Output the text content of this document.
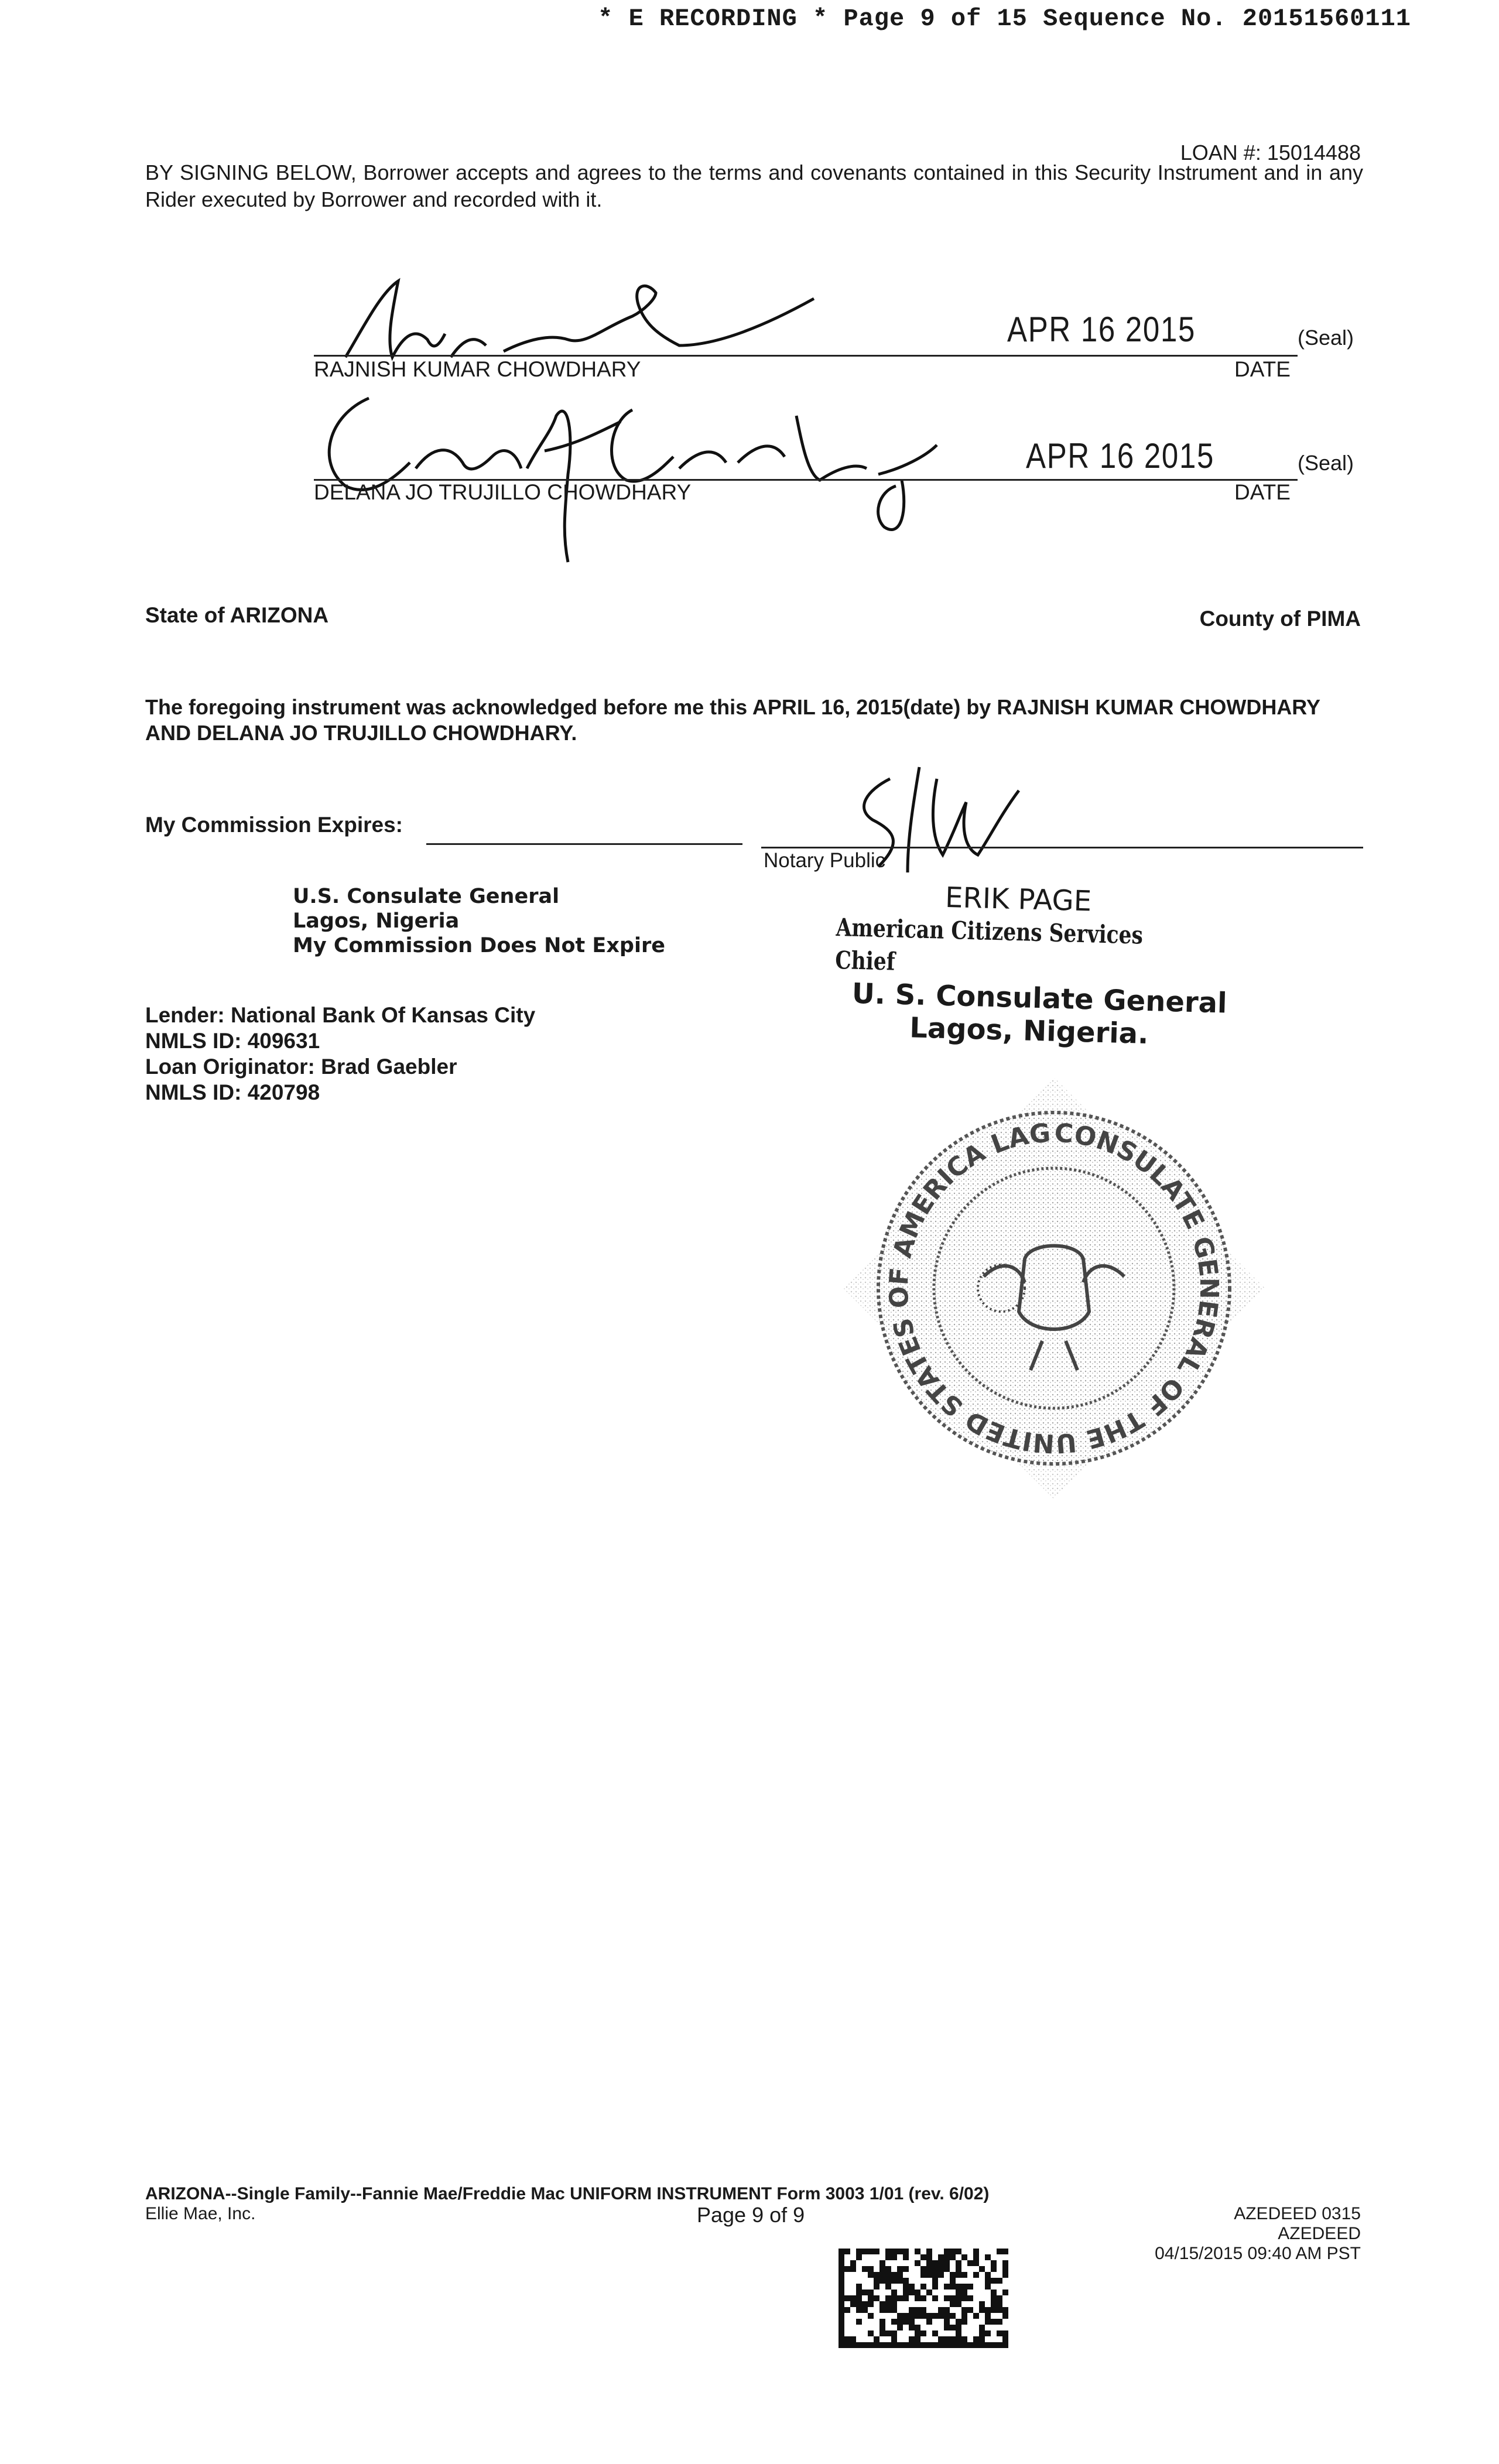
* E RECORDING * Page 9 of 15 Sequence No. 20151560111
LOAN #: 15014488
BY SIGNING BELOW, Borrower accepts and agrees to the terms and covenants contained in this Security Instrument and in any Rider executed by Borrower and recorded with it.
APR 16 2015	(Seal)
RAJNISH KUMAR CHOWDHARY	DATE
APR 16 2015	(Seal)
DELANA JO TRUJILLO CHOWDHARY	DATE
State of ARIZONA	County of PIMA
The foregoing instrument was acknowledged before me this APRIL 16, 2015(date) by RAJNISH KUMAR CHOWDHARY AND DELANA JO TRUJILLO CHOWDHARY.
My Commission Expires:
Notary Public
U.S. Consulate General
Lagos, Nigeria
My Commission Does Not Expire
ERIK PAGE
American Citizens Services Chief
U. S. Consulate General
Lagos, Nigeria.
Lender: National Bank Of Kansas City
NMLS ID: 409631
Loan Originator: Brad Gaebler
NMLS ID: 420798
CONSULATE GENERAL OF THE UNITED STATES OF AMERICA LAGOS, NIGERIA
ARIZONA--Single Family--Fannie Mae/Freddie Mac UNIFORM INSTRUMENT Form 3003 1/01 (rev. 6/02)
Ellie Mae, Inc.	Page 9 of 9	AZEDEED 0315
AZEDEED
04/15/2015 09:40 AM PST
